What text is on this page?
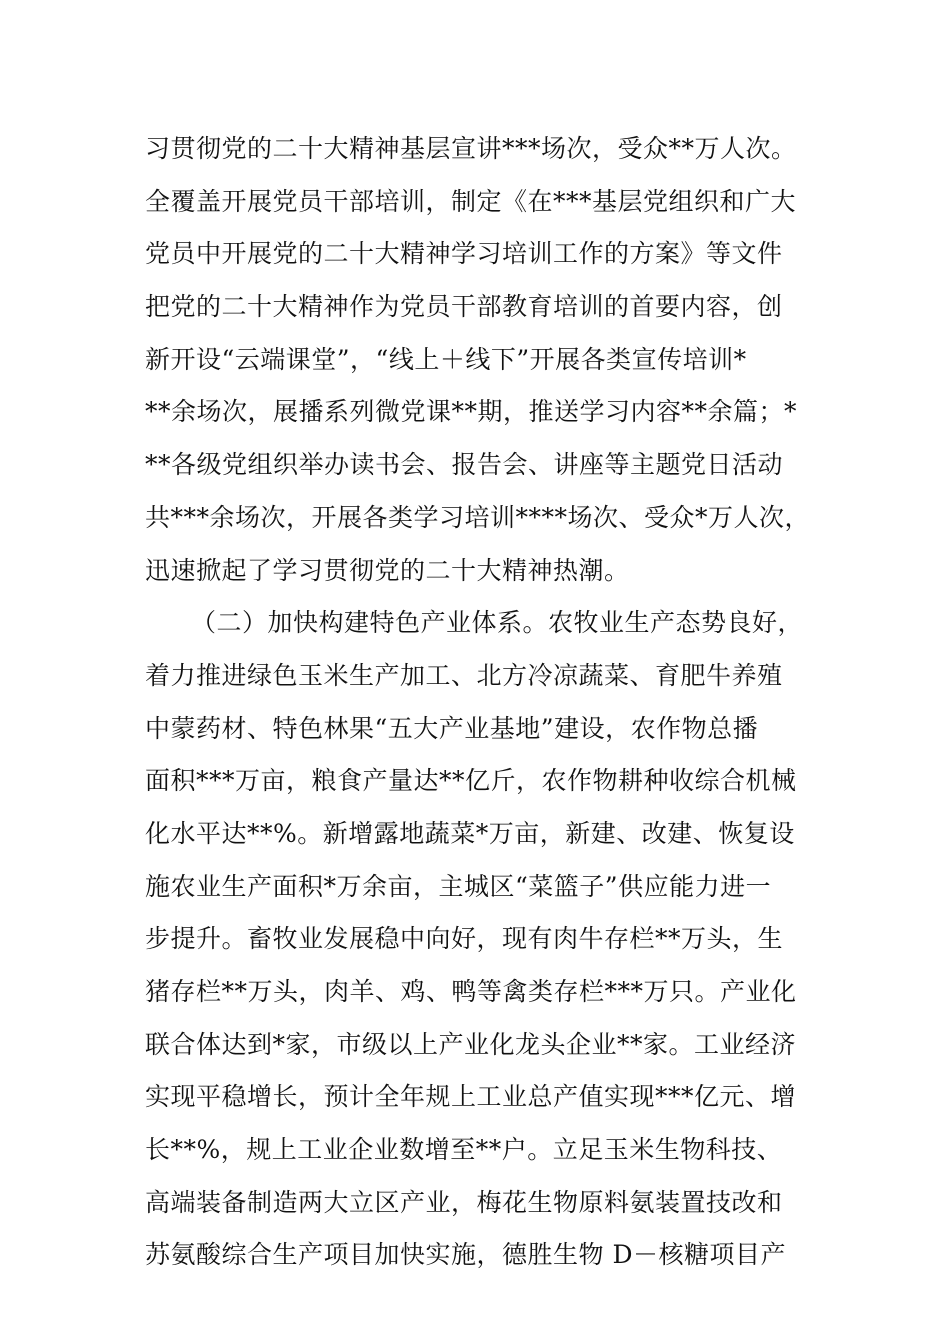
习贯彻党的二十大精神基层宣讲***场次，受众**万人次。
全覆盖开展党员干部培训，制定《在***基层党组织和广大
党员中开展党的二十大精神学习培训工作的方案》等文件
把党的二十大精神作为党员干部教育培训的首要内容，创
新开设“云端课堂”，“线上＋线下”开展各类宣传培训*
**余场次，展播系列微党课**期，推送学习内容**余篇；*
**各级党组织举办读书会、报告会、讲座等主题党日活动
共***余场次，开展各类学习培训****场次、受众*万人次，
迅速掀起了学习贯彻党的二十大精神热潮。
（二）加快构建特色产业体系。农牧业生产态势良好，
着力推进绿色玉米生产加工、北方冷凉蔬菜、育肥牛养殖
中蒙药材、特色林果“五大产业基地”建设，农作物总播
面积***万亩，粮食产量达**亿斤，农作物耕种收综合机械
化水平达**%。新增露地蔬菜*万亩，新建、改建、恢复设
施农业生产面积*万余亩，主城区“菜篮子”供应能力进一
步提升。畜牧业发展稳中向好，现有肉牛存栏**万头，生
猪存栏**万头，肉羊、鸡、鸭等禽类存栏***万只。产业化
联合体达到*家，市级以上产业化龙头企业**家。工业经济
实现平稳增长，预计全年规上工业总产值实现***亿元、增
长**%，规上工业企业数增至**户。立足玉米生物科技、
高端装备制造两大立区产业，梅花生物原料氨装置技改和
苏氨酸综合生产项目加快实施，德胜生物 D－核糖项目产
